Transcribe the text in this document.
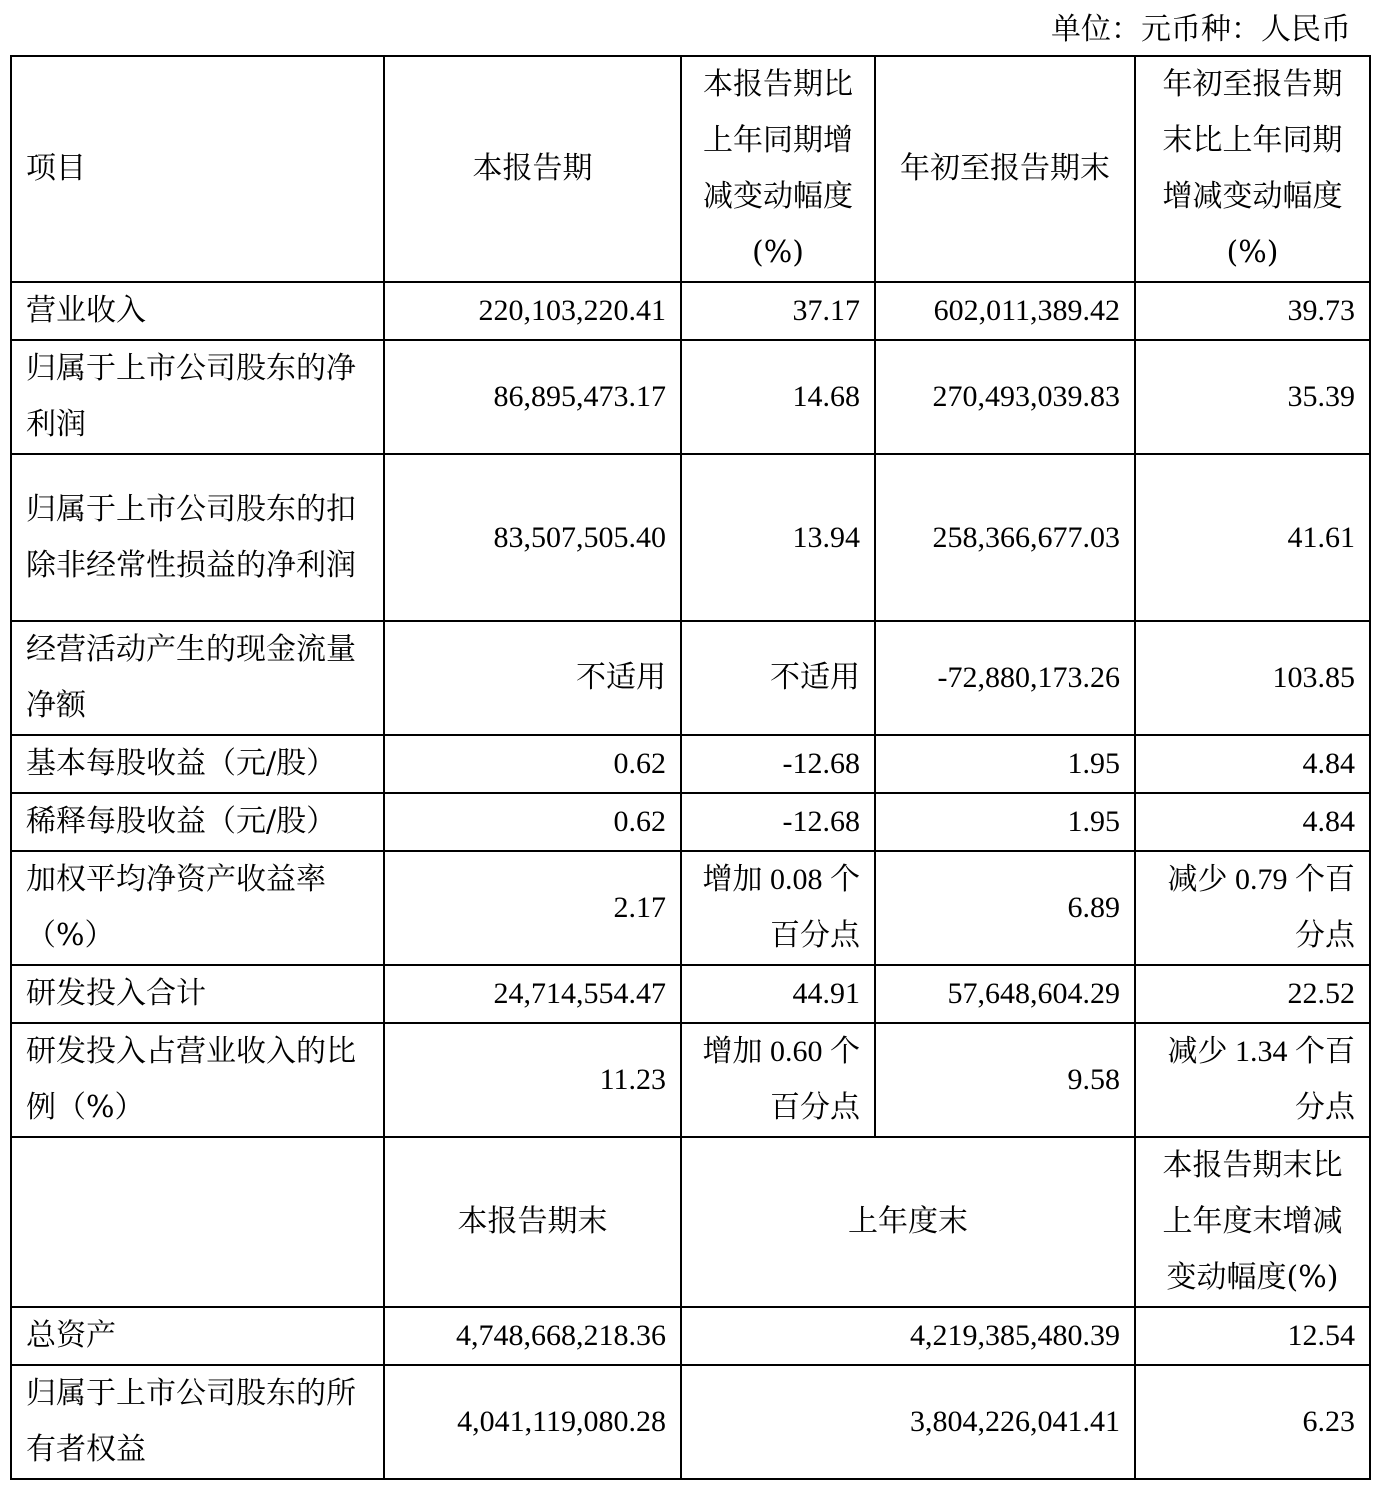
单位：元币种：人民币
项目	本报告期	本报告期比上年同期增减变动幅度(%)	年初至报告期末	年初至报告期末比上年同期增减变动幅度(%)
营业收入	220,103,220.41	37.17	602,011,389.42	39.73
归属于上市公司股东的净利润	86,895,473.17	14.68	270,493,039.83	35.39
归属于上市公司股东的扣除非经常性损益的净利润	83,507,505.40	13.94	258,366,677.03	41.61
经营活动产生的现金流量净额	不适用	不适用	-72,880,173.26	103.85
基本每股收益（元/股）	0.62	-12.68	1.95	4.84
稀释每股收益（元/股）	0.62	-12.68	1.95	4.84
加权平均净资产收益率（%）	2.17	增加 0.08 个百分点	6.89	减少 0.79 个百分点
研发投入合计	24,714,554.47	44.91	57,648,604.29	22.52
研发投入占营业收入的比例（%）	11.23	增加 0.60 个百分点	9.58	减少 1.34 个百分点
	本报告期末	上年度末		本报告期末比上年度末增减变动幅度(%)
总资产	4,748,668,218.36	4,219,385,480.39		12.54
归属于上市公司股东的所有者权益	4,041,119,080.28	3,804,226,041.41		6.23
